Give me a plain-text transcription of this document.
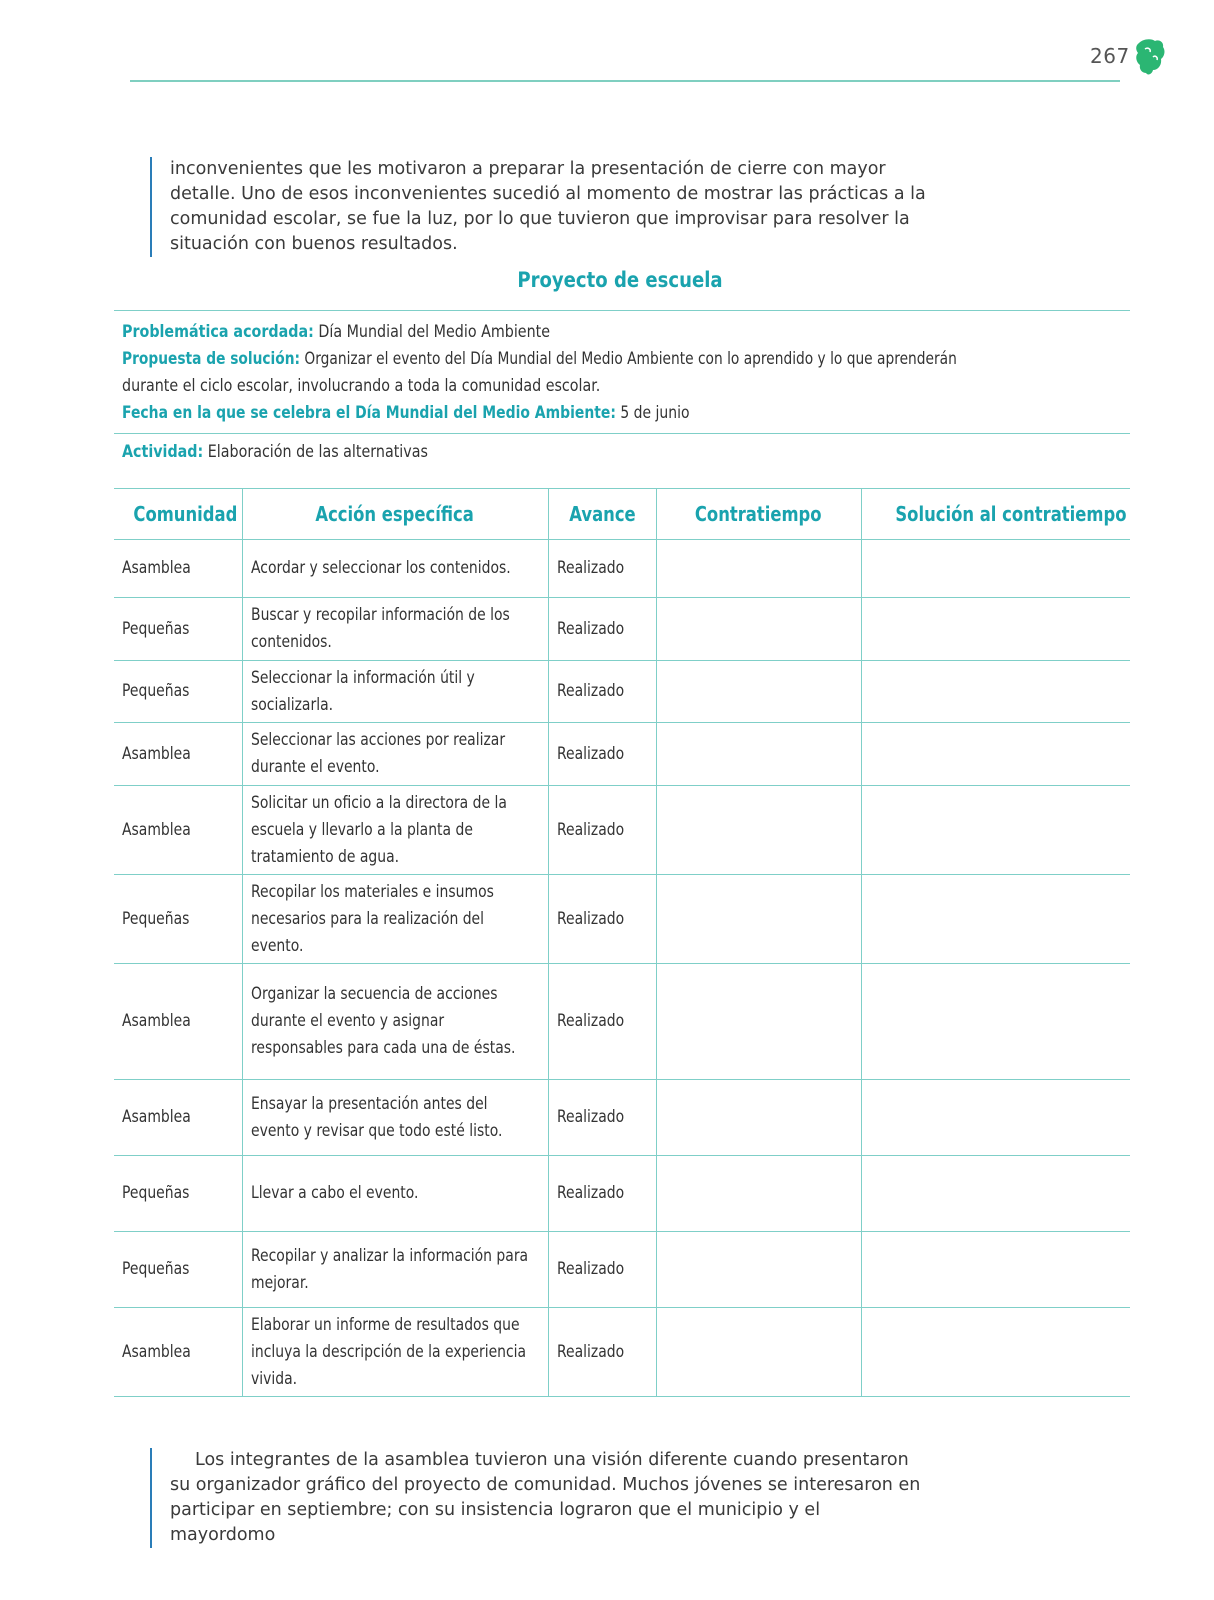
267
inconvenientes que les motivaron a preparar la presentación de cierre con mayor detalle. Uno de esos inconvenientes sucedió al momento de mostrar las prácticas a la comunidad escolar, se fue la luz, por lo que tuvieron que improvisar para resolver la situación con buenos resultados.
Proyecto de escuela

Problemática acordada: Día Mundial del Medio Ambiente

Propuesta de solución: Organizar el evento del Día Mundial del Medio Ambiente con lo aprendido y lo que aprenderán

durante el ciclo escolar, involucrando a toda la comunidad escolar.

Fecha en la que se celebra el Día Mundial del Medio Ambiente: 5 de junio

Actividad: Elaboración de las alternativas
Comunidad	Acción específica	Avance	Contratiempo	Solución al contratiempo
Asamblea	Acordar y seleccionar los contenidos.	Realizado		
Pequeñas	Buscar y recopilar información de los contenidos.	Realizado		
Pequeñas	Seleccionar la información útil y socializarla.	Realizado		
Asamblea	Seleccionar las acciones por realizar durante el evento.	Realizado		
Asamblea	Solicitar un oficio a la directora de la escuela y llevarlo a la planta de tratamiento de agua.	Realizado		
Pequeñas	Recopilar los materiales e insumos necesarios para la realización del evento.	Realizado		
Asamblea	Organizar la secuencia de acciones durante el evento y asignar responsables para cada una de éstas.	Realizado		
Asamblea	Ensayar la presentación antes del evento y revisar que todo esté listo.	Realizado		
Pequeñas	Llevar a cabo el evento.	Realizado		
Pequeñas	Recopilar y analizar la información para mejorar.	Realizado		
Asamblea	Elaborar un informe de resultados que incluya la descripción de la experiencia vivida.	Realizado		
Los integrantes de la asamblea tuvieron una visión diferente cuando presentaron su organizador gráfico del proyecto de comunidad. Muchos jóvenes se interesaron en participar en septiembre; con su insistencia lograron que el municipio y el mayordomo
